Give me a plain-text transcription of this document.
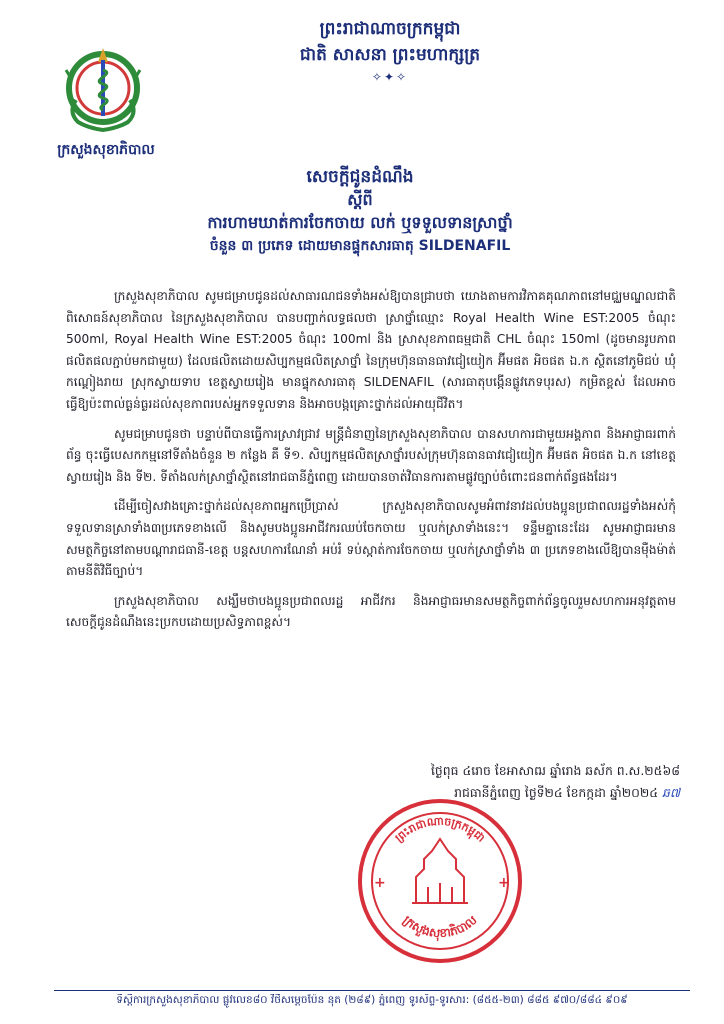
ក្រសួងសុខាភិបាល
ព្រះរាជាណាចក្រកម្ពុជា
ជាតិ សាសនា ព្រះមហាក្សត្រ
✧✦✧
សេចក្ដីជូនដំណឹង
ស្ដីពី
ការហាមឃាត់ការចែកចាយ លក់ ឬទទួលទានស្រាថ្នាំ
ចំនួន ៣ ប្រភេទ ដោយមានផ្ទុកសារធាតុ SILDENAFIL

ក្រសួងសុខាភិបាល សូមជម្រាបជូនដល់សាធារណជនទាំងអស់ឱ្យបានជ្រាបថា យោងតាមការវិភាគគុណភាពនៅមជ្ឈមណ្ឌលជាតិពិសោធន៍សុខាភិបាល នៃក្រសួងសុខាភិបាល បានបញ្ជាក់លទ្ធផលថា ស្រាថ្នាំឈ្មោះ Royal Health Wine EST:2005 ចំណុះ 500ml, Royal Health Wine EST:2005 ចំណុះ 100ml និង ស្រាសុខភាពធម្មជាតិ CHL ចំណុះ 150ml (ដូចមានរូបភាពផលិតផលភ្ជាប់មកជាមួយ) ដែលផលិតដោយសិប្បកម្មផលិតស្រាថ្នាំ នៃក្រុមហ៊ុនធានធាវជៀយៀក អ៊ីមផត អិចផត ឯ.ក ស្ថិតនៅភូមិជប់ ឃុំកណ្ដៀងរាយ ស្រុកស្វាយទាប ខេត្តស្វាយរៀង មានផ្ទុកសារធាតុ SILDENAFIL (សារធាតុបង្កើនផ្លូវភេទបុរស) កម្រិតខ្ពស់ ដែលអាចធ្វើឱ្យប៉ះពាល់ធ្ងន់ធ្ងរដល់សុខភាពរបស់អ្នកទទួលទាន និងអាចបង្កគ្រោះថ្នាក់ដល់អាយុជីវិត។

សូមជម្រាបជូនថា បន្ទាប់ពីបានធ្វើការស្រាវជ្រាវ មន្ត្រីជំនាញនៃក្រសួងសុខាភិបាល បានសហការជាមួយអង្គភាព និងអាជ្ញាធរពាក់ព័ន្ធ ចុះធ្វើបេសកកម្មនៅទីតាំងចំនួន ២ កន្លែង គឺ ទី១. សិប្បកម្មផលិតស្រាថ្នាំរបស់ក្រុមហ៊ុនធានធាវជៀយៀក អ៊ីមផត អិចផត ឯ.ក នៅខេត្តស្វាយរៀង និង ទី២. ទីតាំងលក់ស្រាថ្នាំស្ថិតនៅរាជធានីភ្នំពេញ ដោយបានចាត់វិធានការតាមផ្លូវច្បាប់ចំពោះជនពាក់ព័ន្ធផងដែរ។

ដើម្បីចៀសវាងគ្រោះថ្នាក់ដល់សុខភាពអ្នកប្រើប្រាស់ ក្រសួងសុខាភិបាលសូមអំពាវនាវដល់បងប្អូនប្រជាពលរដ្ឋទាំងអស់កុំទទួលទានស្រាទាំង៣ប្រភេទខាងលើ និងសូមបងប្អូនអាជីវករឈប់ចែកចាយ ឬលក់ស្រាទាំងនេះ។ ទន្ទឹមគ្នានេះដែរ សូមអាជ្ញាធរមានសមត្ថកិច្ចនៅតាមបណ្ដារាជធានី-ខេត្ត បន្តសហការណែនាំ អប់រំ ទប់ស្កាត់ការចែកចាយ ឬលក់ស្រាថ្នាំទាំង ៣ ប្រភេទខាងលើឱ្យបានម៉ឺងម៉ាត់តាមនីតិវិធីច្បាប់។

ក្រសួងសុខាភិបាល សង្ឃឹមថាបងប្អូនប្រជាពលរដ្ឋ អាជីវករ និងអាជ្ញាធរមានសមត្ថកិច្ចពាក់ព័ន្ធចូលរួមសហការអនុវត្តតាមសេចក្ដីជូនដំណឹងនេះប្រកបដោយប្រសិទ្ធភាពខ្ពស់។

ថ្ងៃពុធ ៤រោច ខែអាសាឍ ឆ្នាំរោង ឆស័ក ព.ស.២៥៦៨
រាជធានីភ្នំពេញ ថ្ងៃទី២៤ ខែកក្កដា ឆ្នាំ២០២៤ ឆ៧
ព្រះរាជាណាចក្រកម្ពុជា
ក្រសួងសុខាភិបាល
+	+
ទីស្ដីការក្រសួងសុខាភិបាល ផ្លូវលេខ៨០ វិថីសម្ដេចប៉ែន នុត (២៨៩) ភ្នំពេញ ទូរស័ព្ទ-ទូរសារ: (៨៥៥-២៣) ៨៨៥ ៩៧០/៨៨៤ ៩០៩
